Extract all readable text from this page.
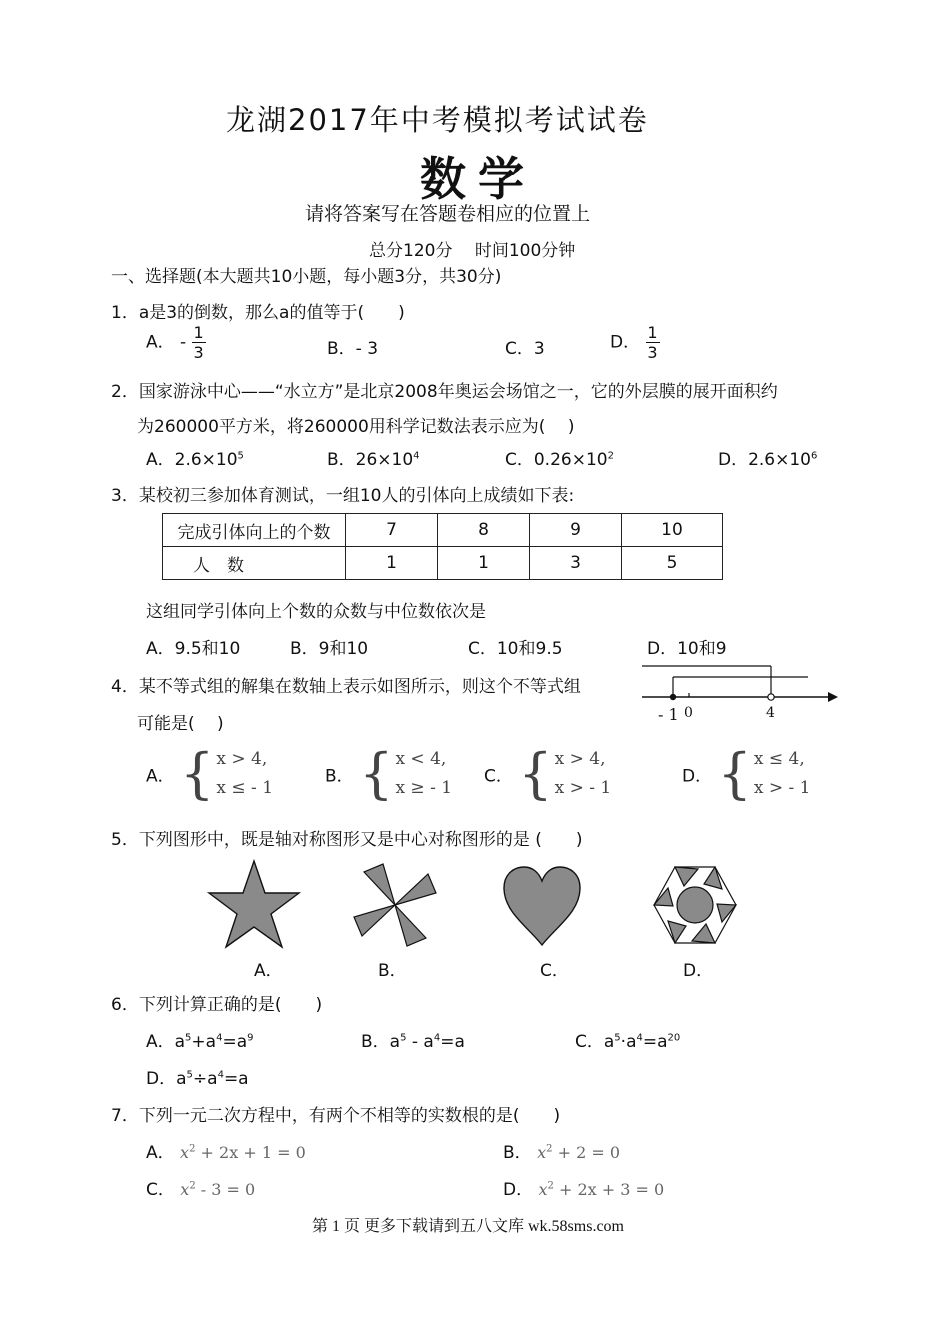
龙湖2017年中考模拟考试试卷
数学
请将答案写在答题卷相应的位置上
总分120分　 时间100分钟
一、选择题(本大题共10小题，每小题3分，共30分)
1．a是3的倒数，那么a的值等于(　　)
A． - $\frac{1}{3}$	B．- 3	C．3	D． $\frac{1}{3}$
2．国家游泳中心——“水立方”是北京2008年奥运会场馆之一，它的外层膜的展开面积约
为260000平方米，将260000用科学记数法表示应为(　 )
A．$2.6\times 10^5$	B．$26\times 10^4$	C．$0.26\times 10^2$	D．$2.6\times 10^6$
3．某校初三参加体育测试，一组10人的引体向上成绩如下表:
完成引体向上的个数	7	8	9	10
人　数	1	1	3	5
这组同学引体向上个数的众数与中位数依次是
A．9.5和10	B．9和10	C．10和9.5	D．10和9
4．某不等式组的解集在数轴上表示如图所示，则这个不等式组
可能是(　 )	- 1 0	4
A． { x > 4,
x ≤ - 1
B． { x < 4,
x ≥ - 1
C． { x > 4,
x > - 1
D． { x ≤ 4,
x > - 1
5．下列图形中，既是轴对称图形又是中心对称图形的是 (　　)
A．	B．	C．	D．
6．下列计算正确的是(　　)
A．$a^5+a^4=a^9$	B．$a^5 - a^4=a$	C．$a^5\cdot a^4=a^{20}$
D．$a^5\div a^4=a$
7．下列一元二次方程中，有两个不相等的实数根的是(　　)
A． $x^2 + 2x + 1 = 0$	B． $x^2 + 2 = 0$
C． $x^2 - 3 = 0$	D． $x^2 + 2x + 3 = 0$
第 1 页 更多下载请到五八文库 wk.58sms.com
